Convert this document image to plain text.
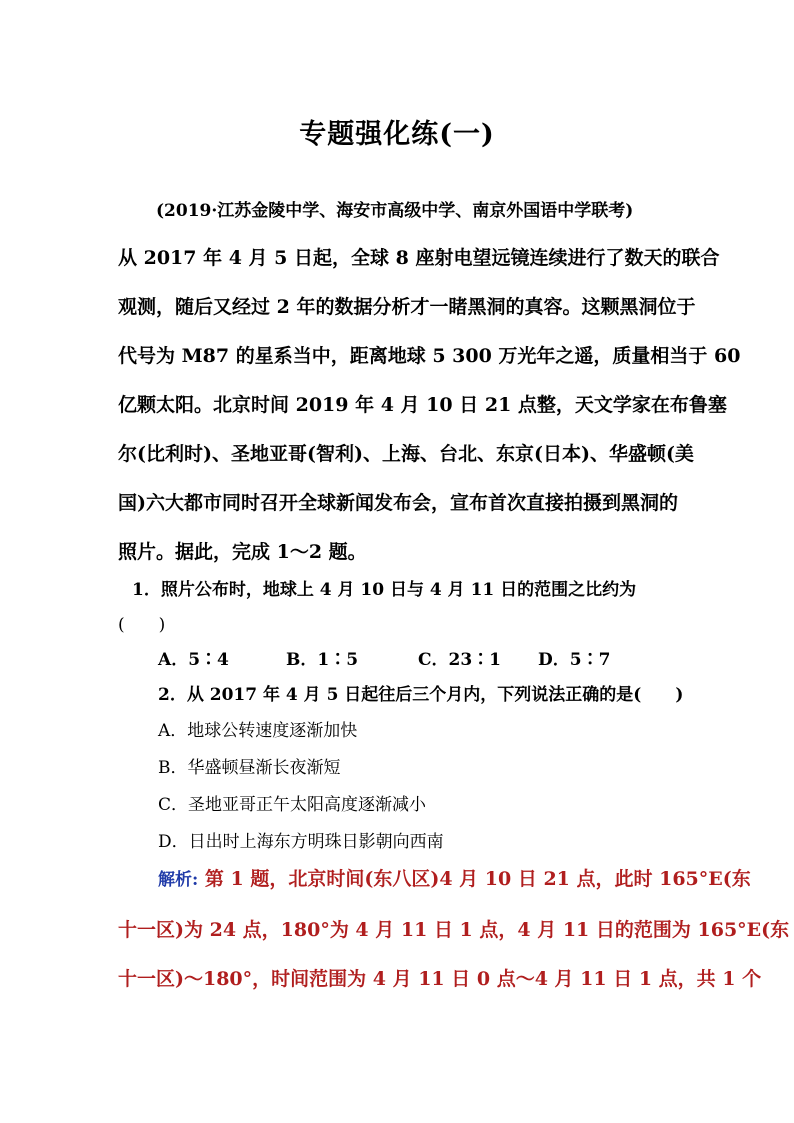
专题强化练(一)
(2019·江苏金陵中学、海安市高级中学、南京外国语中学联考)
从 2017 年 4 月 5 日起，全球 8 座射电望远镜连续进行了数天的联合
观测，随后又经过 2 年的数据分析才一睹黑洞的真容。这颗黑洞位于
代号为 M87 的星系当中，距离地球 5 300 万光年之遥，质量相当于 60
亿颗太阳。北京时间 2019 年 4 月 10 日 21 点整，天文学家在布鲁塞
尔(比利时)、圣地亚哥(智利)、上海、台北、东京(日本)、华盛顿(美
国)六大都市同时召开全球新闻发布会，宣布首次直接拍摄到黑洞的
照片。据此，完成 1～2 题。
1．照片公布时，地球上 4 月 10 日与 4 月 11 日的范围之比约为
(　　)
A．5∶4	B．1∶5	C．23∶1 D．5∶7
2．从 2017 年 4 月 5 日起往后三个月内，下列说法正确的是(　　)
A．地球公转速度逐渐加快
B．华盛顿昼渐长夜渐短
C．圣地亚哥正午太阳高度逐渐减小
D．日出时上海东方明珠日影朝向西南
解析: 第 1 题，北京时间(东八区)4 月 10 日 21 点，此时 165°E(东
十一区)为 24 点，180°为 4 月 11 日 1 点，4 月 11 日的范围为 165°E(东
十一区)～180°，时间范围为 4 月 11 日 0 点～4 月 11 日 1 点，共 1 个
